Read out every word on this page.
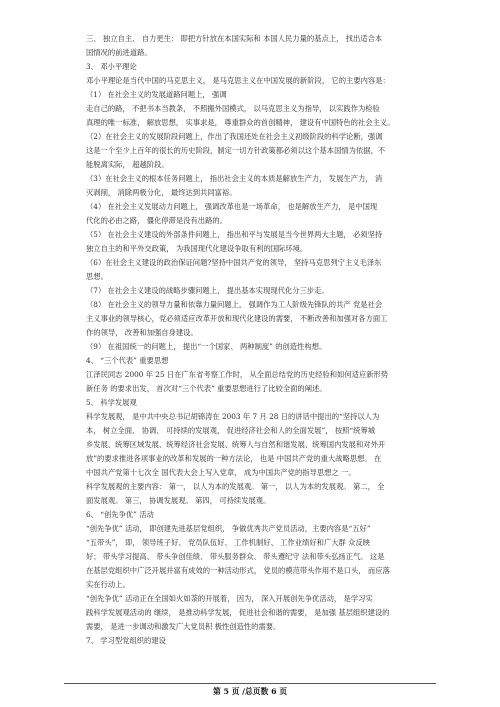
三、 独立自主、 自力更生： 即把方针放在本国实际和 本国人民力量的基点上， 找出适合本
国情况的前进道路。
3、 邓小平理论
邓小平理论是当代中国的马克思主义， 是马克思主义在中国发展的新阶段， 它的主要内容是：
（1） 在社会主义的发展道路问题上， 强调
走自己的路， 不把书本当教条， 不照搬外国模式， 以马克思主义为指导， 以实践作为检验
真理的唯一标准， 解放思想， 实事求是， 尊重群众的首创精神， 建设有中国特色的社会主义。
（2）在社会主义的发展阶段问题上，作出了我国还处在社会主义初级阶段的科学论断，强调
这是一个至少上百年的很长的历史阶段，制定一切方针政策都必须以这个基本国情为依据，不
能脱离实际， 超越阶段。
（3）在社会主义的根本任务问题上， 指出社会主义的本质是解放生产力， 发展生产力， 消
灭剥削， 消除两极分化， 最终达到共同富裕。
（4） 在社会主义发展动力问题上， 强调改革也是一场革命， 也是解放生产力， 是中国现
代化的必由之路， 僵化停滞是没有出路的。
（5） 在社会主义建设的外部条件问题上， 指出和平与发展是当今世界两大主题， 必须坚持
独立自主的和平外交政策， 为我国现代化建设争取有利的国际环境。
（6）在社会主义建设的政治保证问题?坚持中国共产党的领导， 坚持马克思列宁主义毛泽东
思想。
（7） 在社会主义建设的战略步骤问题上， 提出基本实现现代化分三步走。
（8） 在社会主义的领导力量和依靠力量问题上， 强调作为工人阶级先锋队的共产 党是社会
主义事业的领导核心，党必须适应改革开放和现代化建设的需要， 不断改善和加强对各方面工
作的领导， 改善和加强自身建设。
（9） 在祖国统一的问题上， 提出“一个国家、 两种制度” 的创造性构想。
4、 “三个代表” 重要思想
江泽民同志 2000 年 25 日在广东省考察工作时， 从全面总结党的历史经验和如何适应新形势
新任务 的要求出发， 首次对“三个代表” 重要思想进行了比较全面的阐述。
5、 科学发展观
科学发展观， 是中共中央总书记胡锦涛在 2003 年 7 月 28 日的讲话中提出的“坚持以人为
本， 树立全面、 协调、 可持续的发展观， 促进经济社会和人的全面发展”， 按照“统筹城
乡发展、统筹区域发展、统筹经济社会发展、统筹人与自然和谐发展、统筹国内发展和对外开
放”的要求推进各项事业的改革和发展的一种方法论， 也是 中国共产党的重大战略思想。 在
中国共产党第十七次全 国代表大会上写入党章， 成为中国共产党的指导思想之 一。
科学发展观的主要内容： 第一， 以人为本的发展观。 第一， 以人为本的发展观。 第二， 全
面发展观。 第三， 协调发展观。 第四， 可持续发展观。
6、 “创先争优” 活动
“创先争优” 活动， 即创建先进基层党组织， 争做优秀共产党员活动，主要内容是“五好”
“五带头”， 即， 领导班子好、 党员队伍好、 工作机制好、 工作业绩好和广大群 众反映
好； 带头学习提高、 带头争创佳绩、 带头服务群众、 带头遵纪守 法和带头弘扬正气。 这是
在基层党组织中广泛开展并富有成效的一种活动形式， 党员的模范带头作用不是口头， 而应落
实在行动上。
“创先争优” 活动正在全国如火如荼的开展着， 因为， 深入开展创先争优活动， 是学习实
践科学发展观活动的 继续， 是推动科学发展， 促进社会和谐的需要， 是加强 基层组织建设的
需要， 是进一步调动和激发广大党员积 极性创造性的需要。
7、 学习型党组织的建设
第 5 页 /总页数 6 页
